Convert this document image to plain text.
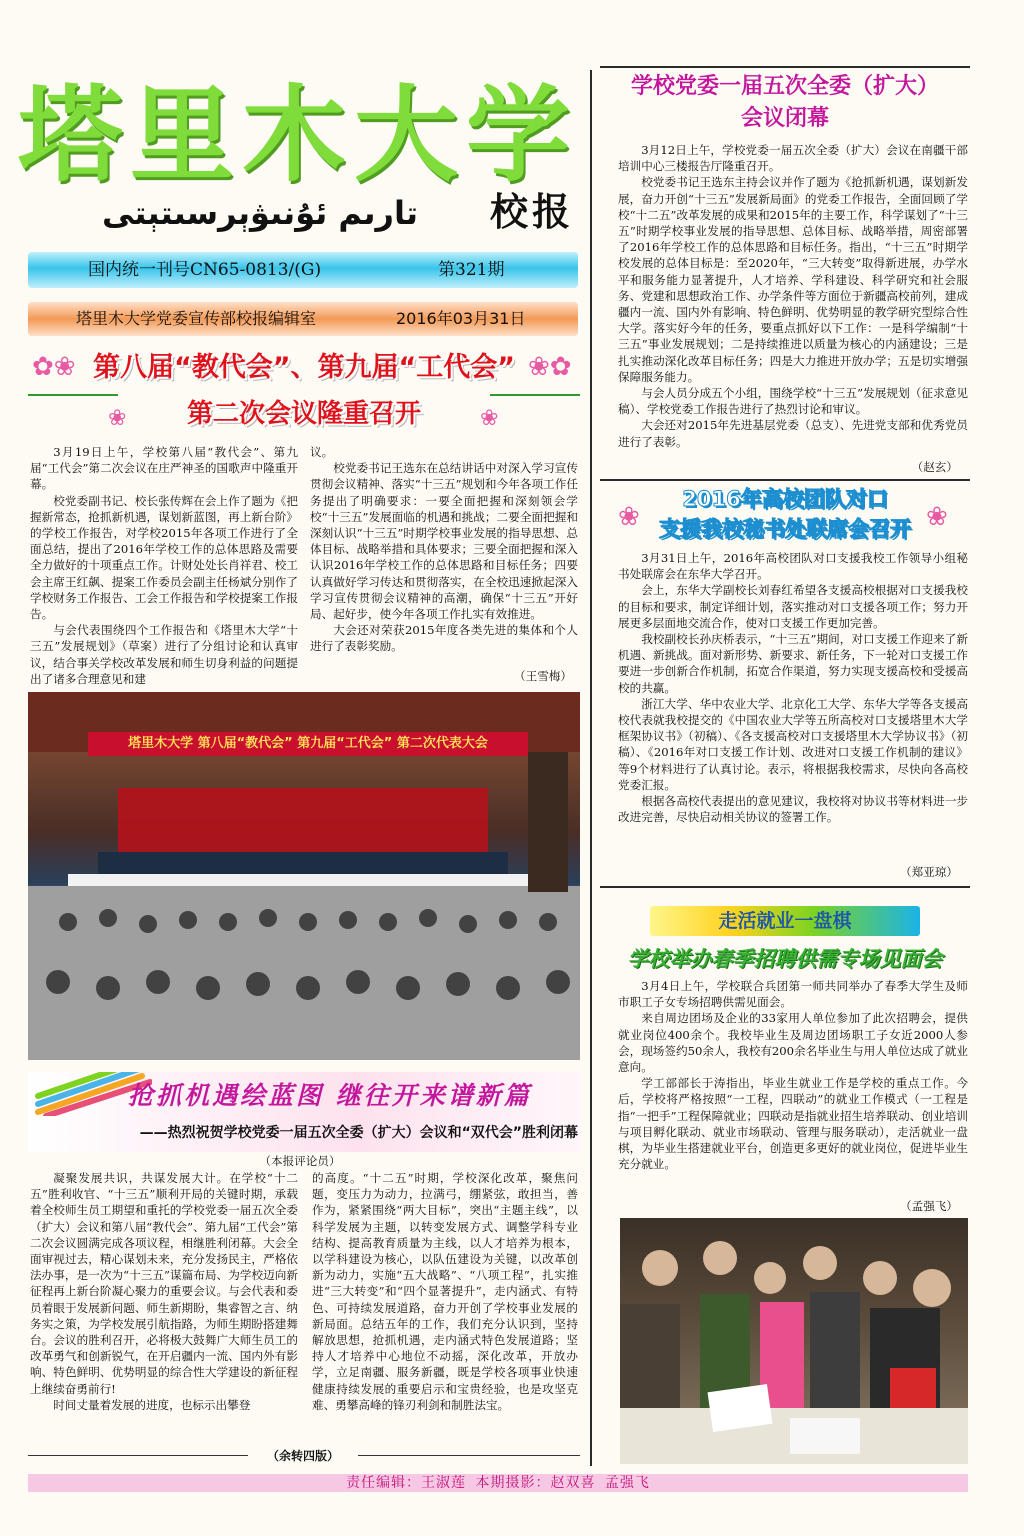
塔里木大学
تارىم ئۇنىۋېرسىتېتى	校报
国内统一刊号CN65-0813/(G)	第321期
塔里木大学党委宣传部校报编辑室	2016年03月31日
✿❀	❀✿
❀	❀
第八届“教代会”、第九届“工代会”
第二次会议隆重召开

3月19日上午，学校第八届“教代会”、第九届“工代会”第二次会议在庄严神圣的国歌声中隆重开幕。

校党委副书记、校长张传辉在会上作了题为《把握新常态，抢抓新机遇，谋划新蓝图，再上新台阶》的学校工作报告，对学校2015年各项工作进行了全面总结，提出了2016年学校工作的总体思路及需要全力做好的十项重点工作。计财处处长肖祥君、校工会主席王红飙、提案工作委员会副主任杨斌分别作了学校财务工作报告、工会工作报告和学校提案工作报告。

与会代表围绕四个工作报告和《塔里木大学“十三五”发展规划》（草案）进行了分组讨论和认真审议，结合事关学校改革发展和师生切身利益的问题提出了诸多合理意见和建

议。

校党委书记王选东在总结讲话中对深入学习宣传贯彻会议精神、落实“十三五”规划和今年各项工作任务提出了明确要求：一要全面把握和深刻领会学校“十三五”发展面临的机遇和挑战；二要全面把握和深刻认识“十三五”时期学校事业发展的指导思想、总体目标、战略举措和具体要求；三要全面把握和深入认识2016年学校工作的总体思路和目标任务；四要认真做好学习传达和贯彻落实，在全校迅速掀起深入学习宣传贯彻会议精神的高潮，确保“十三五”开好局、起好步，使今年各项工作扎实有效推进。

大会还对荣获2015年度各类先进的集体和个人进行了表彰奖励。

（王雪梅）
塔里木大学 第八届“教代会” 第九届“工代会” 第二次代表大会
抢抓机遇绘蓝图 继往开来谱新篇
——热烈祝贺学校党委一届五次全委（扩大）会议和“双代会”胜利闭幕
（本报评论员）

凝聚发展共识，共谋发展大计。在学校“十二五”胜利收官、“十三五”顺利开局的关键时期，承载着全校师生员工期望和重托的学校党委一届五次全委（扩大）会议和第八届“教代会”、第九届“工代会”第二次会议圆满完成各项议程，相继胜利闭幕。大会全面审视过去，精心谋划未来，充分发扬民主，严格依法办事，是一次为“十三五”谋篇布局、为学校迈向新征程再上新台阶凝心聚力的重要会议。与会代表和委员着眼于发展新问题、师生新期盼，集睿智之言、纳务实之策，为学校发展引航指路，为师生期盼搭建舞台。会议的胜利召开，必将极大鼓舞广大师生员工的改革勇气和创新锐气，在开启疆内一流、国内外有影响、特色鲜明、优势明显的综合性大学建设的新征程上继续奋勇前行!

时间丈量着发展的进度，也标示出攀登

的高度。“十二五”时期，学校深化改革，聚焦问题，变压力为动力，拉满弓，绷紧弦，敢担当，善作为，紧紧围绕“两大目标”，突出“主题主线”，以科学发展为主题，以转变发展方式、调整学科专业结构、提高教育质量为主线，以人才培养为根本，以学科建设为核心，以队伍建设为关键，以改革创新为动力，实施“五大战略”、“八项工程”，扎实推进“三大转变”和“四个显著提升”，走内涵式、有特色、可持续发展道路，奋力开创了学校事业发展的新局面。总结五年的工作，我们充分认识到，坚持解放思想，抢抓机遇，走内涵式特色发展道路；坚持人才培养中心地位不动摇，深化改革，开放办学，立足南疆、服务新疆，既是学校各项事业快速健康持续发展的重要启示和宝贵经验，也是攻坚克难、勇攀高峰的锋刃利剑和制胜法宝。

（余转四版）
学校党委一届五次全委（扩大）
会议闭幕

3月12日上午，学校党委一届五次全委（扩大）会议在南疆干部培训中心三楼报告厅隆重召开。

校党委书记王选东主持会议并作了题为《抢抓新机遇，谋划新发展，奋力开创“十三五”发展新局面》的党委工作报告，全面回顾了学校“十二五”改革发展的成果和2015年的主要工作，科学谋划了“十三五”时期学校事业发展的指导思想、总体目标、战略举措，周密部署了2016年学校工作的总体思路和目标任务。指出，“十三五”时期学校发展的总体目标是：至2020年，“三大转变”取得新进展，办学水平和服务能力显著提升，人才培养、学科建设、科学研究和社会服务、党建和思想政治工作、办学条件等方面位于新疆高校前列，建成疆内一流、国内外有影响、特色鲜明、优势明显的教学研究型综合性大学。落实好今年的任务，要重点抓好以下工作：一是科学编制“十三五”事业发展规划；二是持续推进以质量为核心的内涵建设；三是扎实推动深化改革目标任务；四是大力推进开放办学；五是切实增强保障服务能力。

与会人员分成五个小组，围绕学校“十三五”发展规划（征求意见稿）、学校党委工作报告进行了热烈讨论和审议。

大会还对2015年先进基层党委（总支）、先进党支部和优秀党员进行了表彰。

（赵玄）
❀	❀
2016年高校团队对口
支援我校秘书处联席会召开

3月31日上午，2016年高校团队对口支援我校工作领导小组秘书处联席会在东华大学召开。

会上，东华大学副校长刘春红希望各支援高校根据对口支援我校的目标和要求，制定详细计划，落实推动对口支援各项工作；努力开展更多层面地交流合作，使对口支援工作更加完善。

我校副校长孙庆桥表示，“十三五”期间，对口支援工作迎来了新机遇、新挑战。面对新形势、新要求、新任务，下一轮对口支援工作要进一步创新合作机制，拓宽合作渠道，努力实现支援高校和受援高校的共赢。

浙江大学、华中农业大学、北京化工大学、东华大学等各支援高校代表就我校提交的《中国农业大学等五所高校对口支援塔里木大学框架协议书》（初稿）、《各支援高校对口支援塔里木大学协议书》（初稿）、《2016年对口支援工作计划、改进对口支援工作机制的建议》等9个材料进行了认真讨论。表示，将根据我校需求，尽快向各高校党委汇报。

根据各高校代表提出的意见建议，我校将对协议书等材料进一步改进完善，尽快启动相关协议的签署工作。

（郑亚琼）
走活就业一盘棋
学校举办春季招聘供需专场见面会

3月4日上午，学校联合兵团第一师共同举办了春季大学生及师市职工子女专场招聘供需见面会。

来自周边团场及企业的33家用人单位参加了此次招聘会，提供就业岗位400余个。我校毕业生及周边团场职工子女近2000人参会，现场签约50余人，我校有200余名毕业生与用人单位达成了就业意向。

学工部部长于涛指出，毕业生就业工作是学校的重点工作。今后，学校将严格按照“一工程，四联动”的就业工作模式（一工程是指“一把手”工程保障就业；四联动是指就业招生培养联动、创业培训与项目孵化联动、就业市场联动、管理与服务联动），走活就业一盘棋，为毕业生搭建就业平台，创造更多更好的就业岗位，促进毕业生充分就业。

（孟强飞）
责任编辑：王淑莲 本期摄影：赵双喜 孟强飞
